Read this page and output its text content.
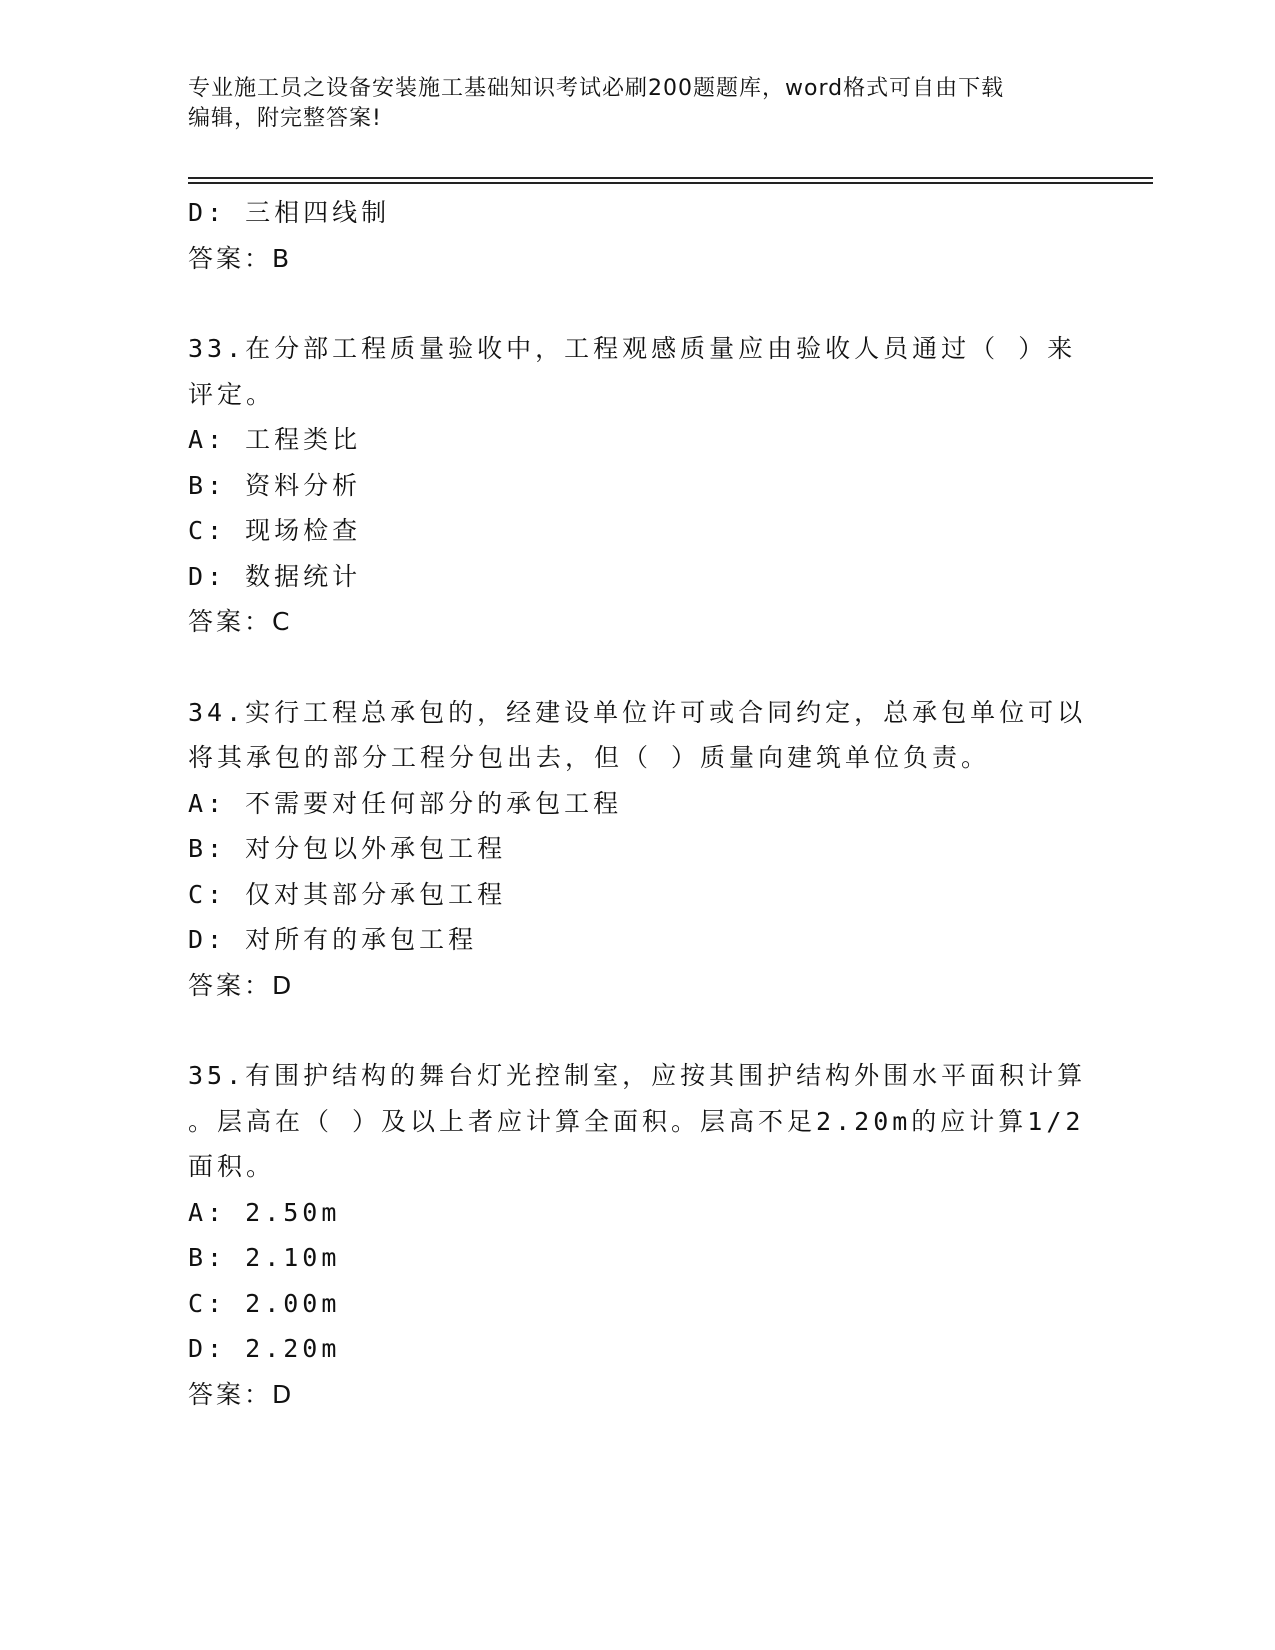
专业施工员之设备安装施工基础知识考试必刷200题题库，word格式可自由下载
编辑，附完整答案!
D: 三相四线制
答案：B
33.在分部工程质量验收中，工程观感质量应由验收人员通过（ ）来
评定。
A: 工程类比
B: 资料分析
C: 现场检查
D: 数据统计
答案：C
34.实行工程总承包的，经建设单位许可或合同约定，总承包单位可以
将其承包的部分工程分包出去，但（ ）质量向建筑单位负责。
A: 不需要对任何部分的承包工程
B: 对分包以外承包工程
C: 仅对其部分承包工程
D: 对所有的承包工程
答案：D
35.有围护结构的舞台灯光控制室，应按其围护结构外围水平面积计算
。层高在（ ）及以上者应计算全面积。层高不足2.20m的应计算1/2
面积。
A: 2.50m
B: 2.10m
C: 2.00m
D: 2.20m
答案：D
